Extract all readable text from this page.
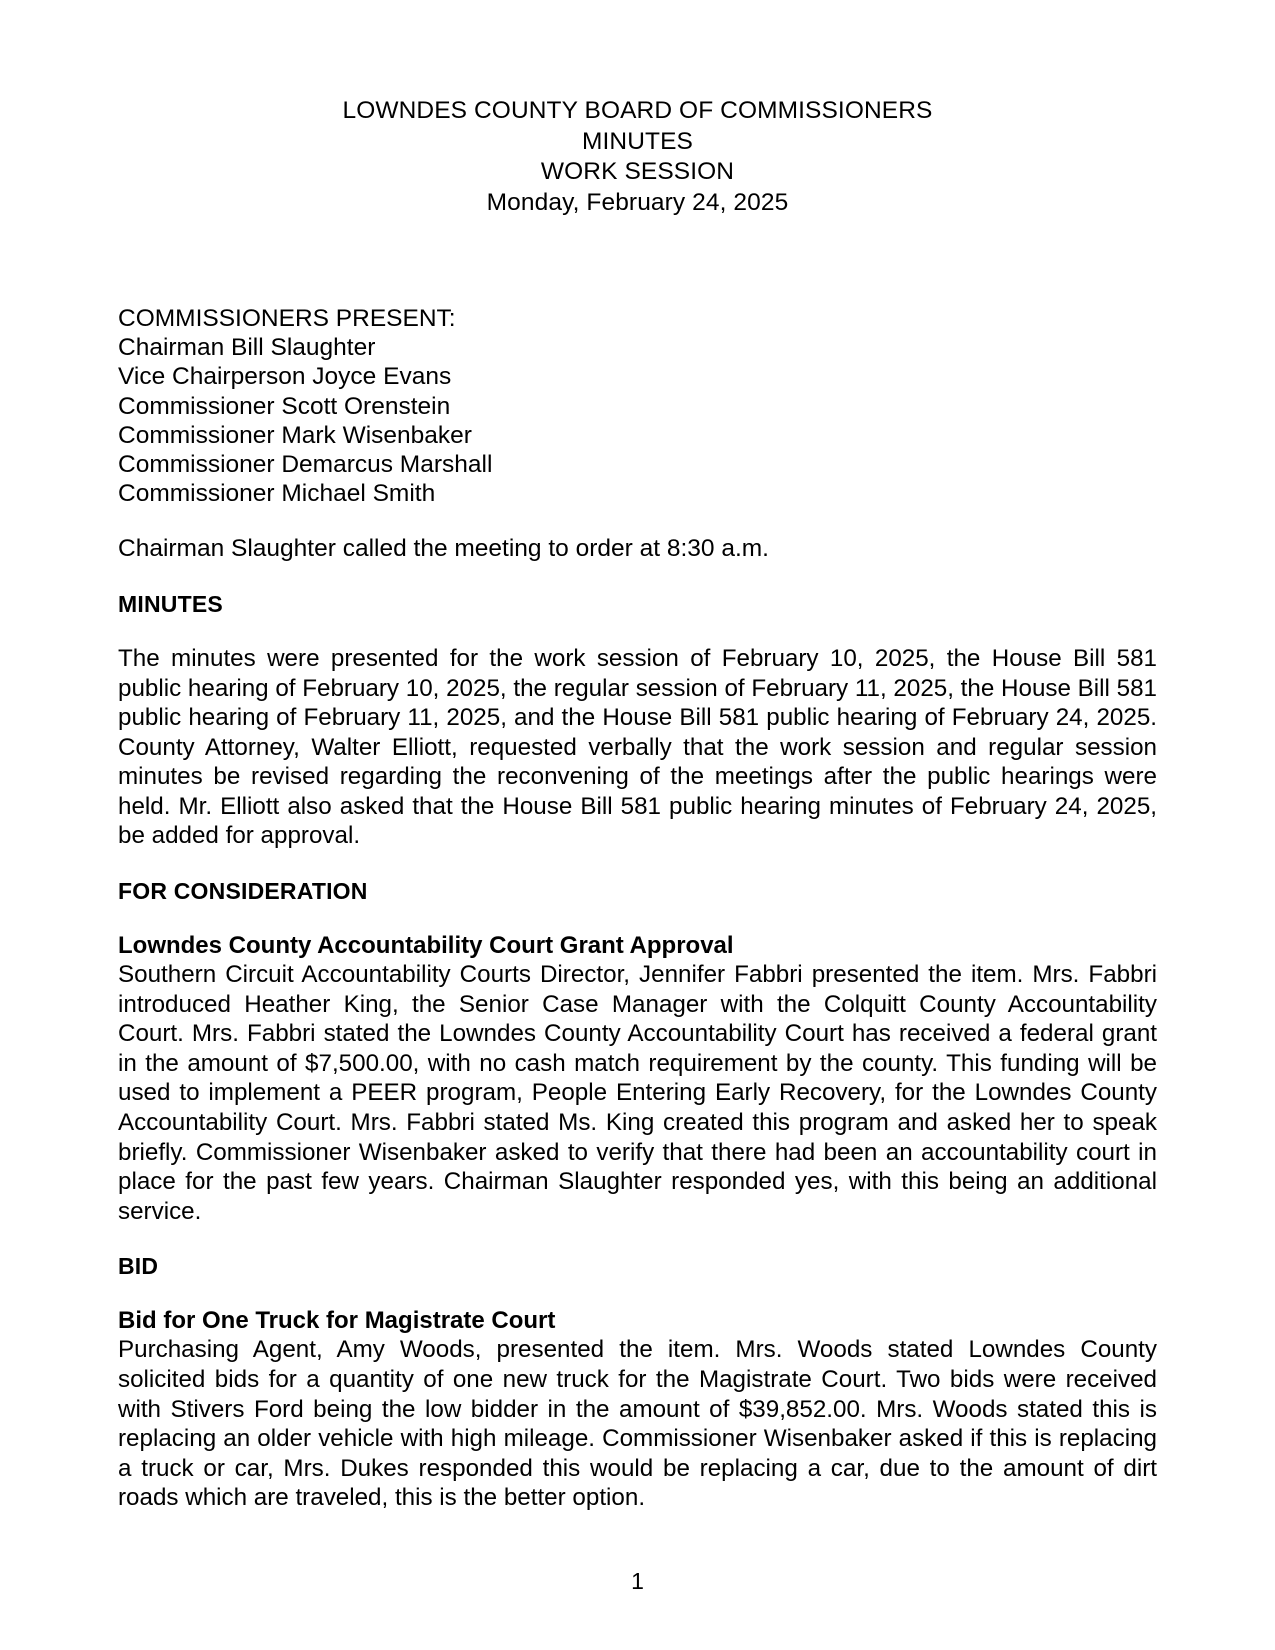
LOWNDES COUNTY BOARD OF COMMISSIONERS
MINUTES
WORK SESSION
Monday, February 24, 2025
COMMISSIONERS PRESENT:
Chairman Bill Slaughter
Vice Chairperson Joyce Evans
Commissioner Scott Orenstein
Commissioner Mark Wisenbaker
Commissioner Demarcus Marshall
Commissioner Michael Smith
Chairman Slaughter called the meeting to order at 8:30 a.m.
MINUTES

The minutes were presented for the work session of February 10, 2025, the House Bill 581 public hearing of February 10, 2025, the regular session of February 11, 2025, the House Bill 581 public hearing of February 11, 2025, and the House Bill 581 public hearing of February 24, 2025. County Attorney, Walter Elliott, requested verbally that the work session and regular session minutes be revised regarding the reconvening of the meetings after the public hearings were held. Mr. Elliott also asked that the House Bill 581 public hearing minutes of February 24, 2025, be added for approval.

FOR CONSIDERATION
Lowndes County Accountability Court Grant Approval

Southern Circuit Accountability Courts Director, Jennifer Fabbri presented the item. Mrs. Fabbri introduced Heather King, the Senior Case Manager with the Colquitt County Accountability Court. Mrs. Fabbri stated the Lowndes County Accountability Court has received a federal grant in the amount of $7,500.00, with no cash match requirement by the county. This funding will be used to implement a PEER program, People Entering Early Recovery, for the Lowndes County Accountability Court. Mrs. Fabbri stated Ms. King created this program and asked her to speak briefly. Commissioner Wisenbaker asked to verify that there had been an accountability court in place for the past few years. Chairman Slaughter responded yes, with this being an additional service.

BID
Bid for One Truck for Magistrate Court

Purchasing Agent, Amy Woods, presented the item. Mrs. Woods stated Lowndes County solicited bids for a quantity of one new truck for the Magistrate Court. Two bids were received with Stivers Ford being the low bidder in the amount of $39,852.00. Mrs. Woods stated this is replacing an older vehicle with high mileage. Commissioner Wisenbaker asked if this is replacing a truck or car, Mrs. Dukes responded this would be replacing a car, due to the amount of dirt roads which are traveled, this is the better option.

1
